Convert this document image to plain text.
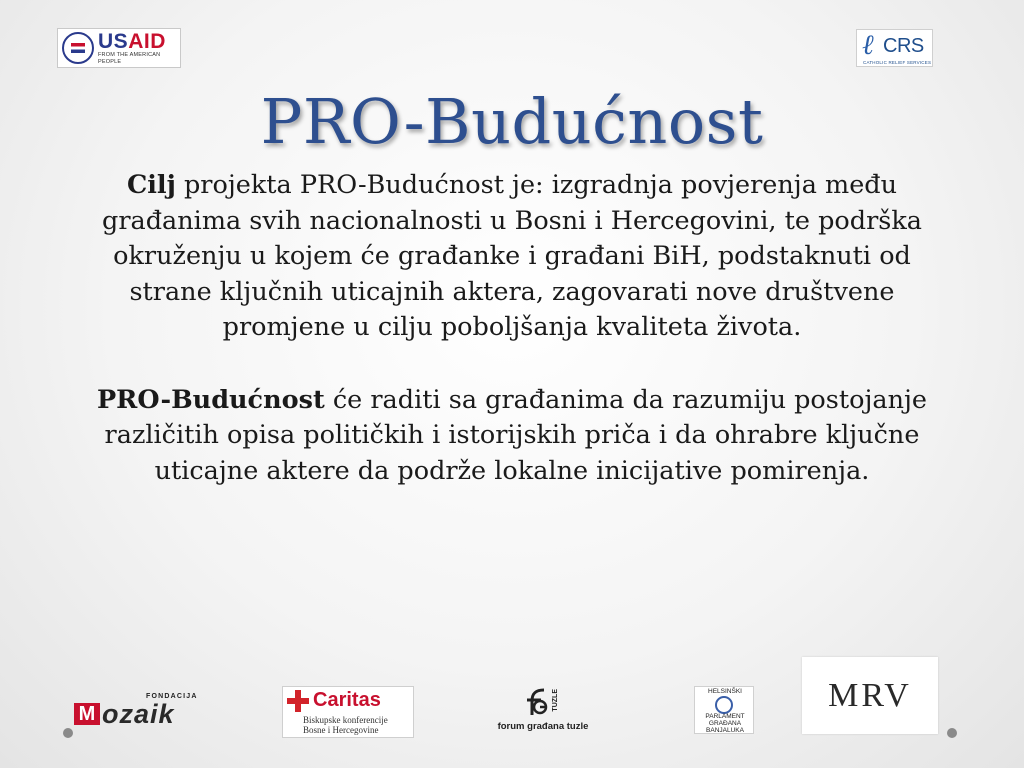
USAID
FROM THE AMERICAN PEOPLE
ℓ CRS
CATHOLIC RELIEF SERVICES
PRO-Budućnost

Cilj projekta PRO-Budućnost je: izgradnja povjerenja među građanima svih nacionalnosti u Bosni i Hercegovini, te podrška okruženju u kojem će građanke i građani BiH, podstaknuti od strane ključnih uticajnih aktera, zagovarati nove društvene promjene u cilju poboljšanja kvaliteta života.

PRO-Budućnost će raditi sa građanima da razumiju postojanje različitih opisa političkih i istorijskih priča i da ohrabre ključne uticajne aktere da podrže lokalne inicijative pomirenja.

FONDACIJA
M ozaik	Caritas
Biskupske konferencije
Bosne i Hercegovine
TUZLE
forum građana tuzle
HELSINŠKI
PARLAMENT
GRAĐANA
BANJALUKA
MRV
